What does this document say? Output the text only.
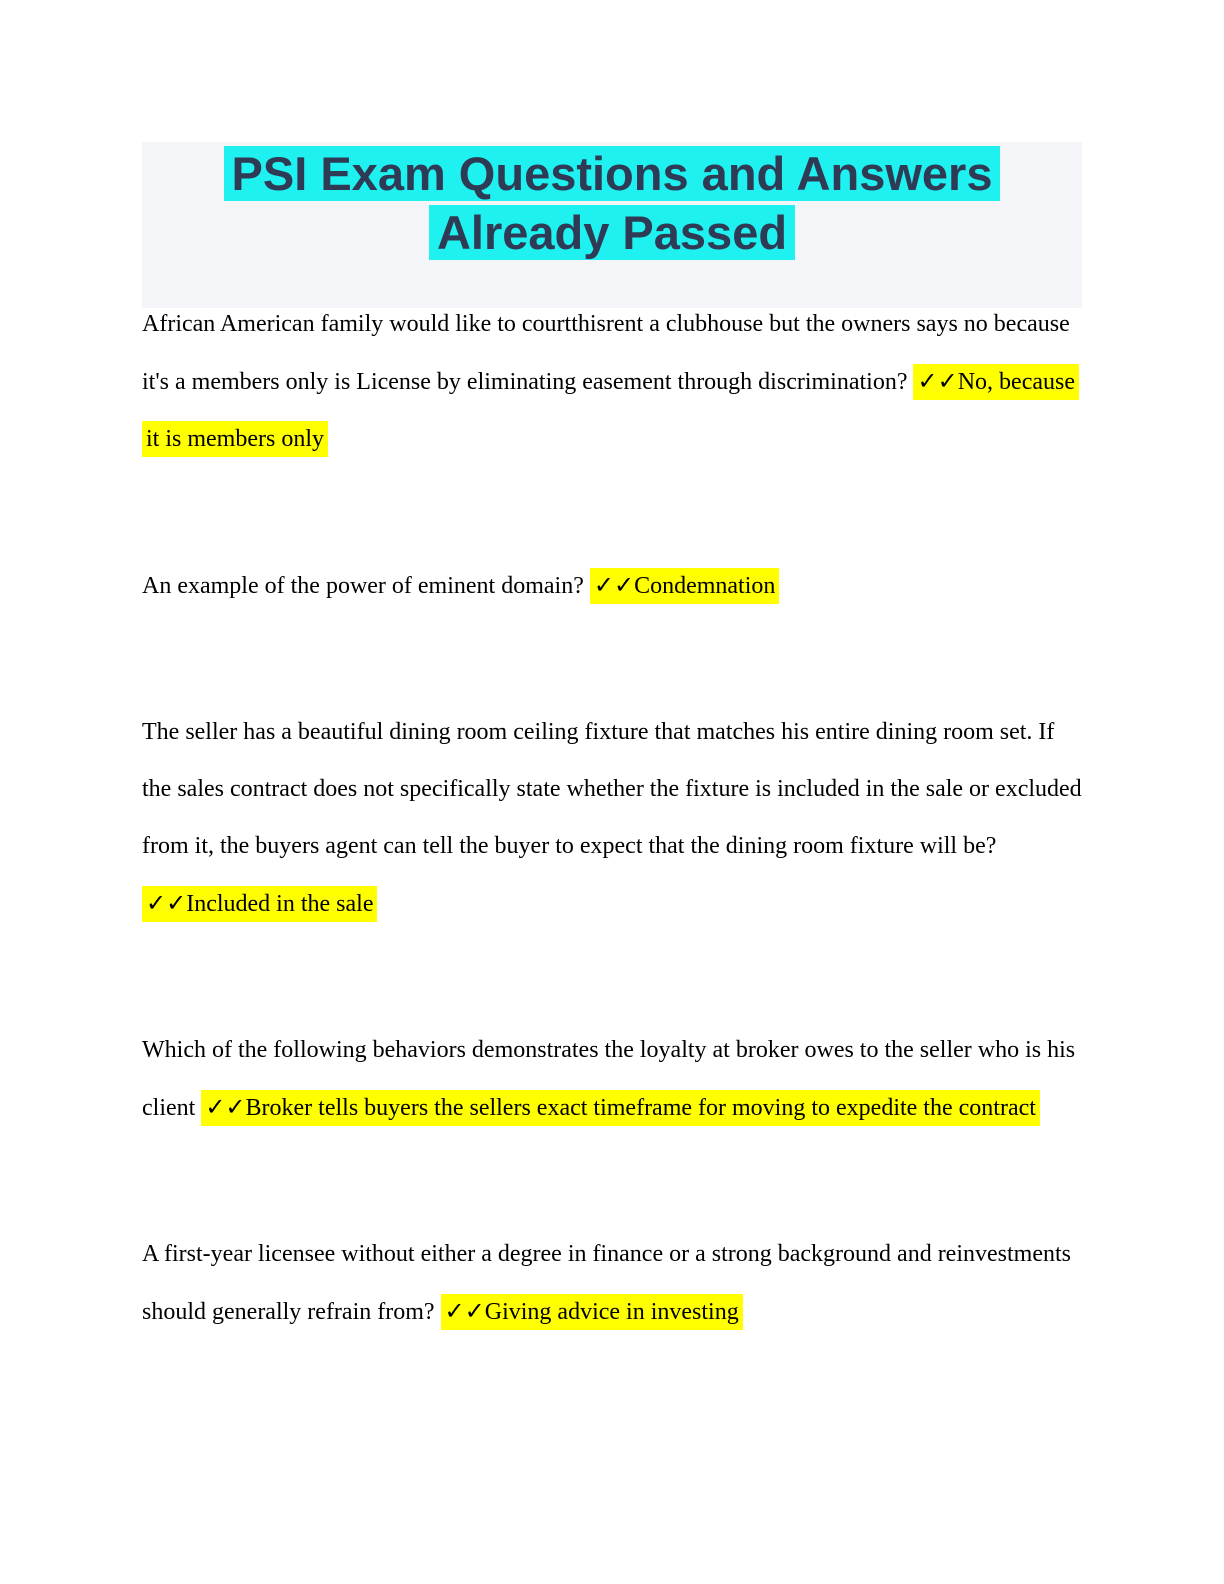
PSI Exam Questions and Answers
Already Passed

African American family would like to courtthisrent a clubhouse but the owners says no because it's a members only is License by eliminating easement through discrimination? ✓✓No, because it is members only

An example of the power of eminent domain? ✓✓Condemnation

The seller has a beautiful dining room ceiling fixture that matches his entire dining room set. If the sales contract does not specifically state whether the fixture is included in the sale or excluded from it, the buyers agent can tell the buyer to expect that the dining room fixture will be? ✓✓Included in the sale

Which of the following behaviors demonstrates the loyalty at broker owes to the seller who is his client ✓✓Broker tells buyers the sellers exact timeframe for moving to expedite the contract

A first-year licensee without either a degree in finance or a strong background and reinvestments should generally refrain from? ✓✓Giving advice in investing
